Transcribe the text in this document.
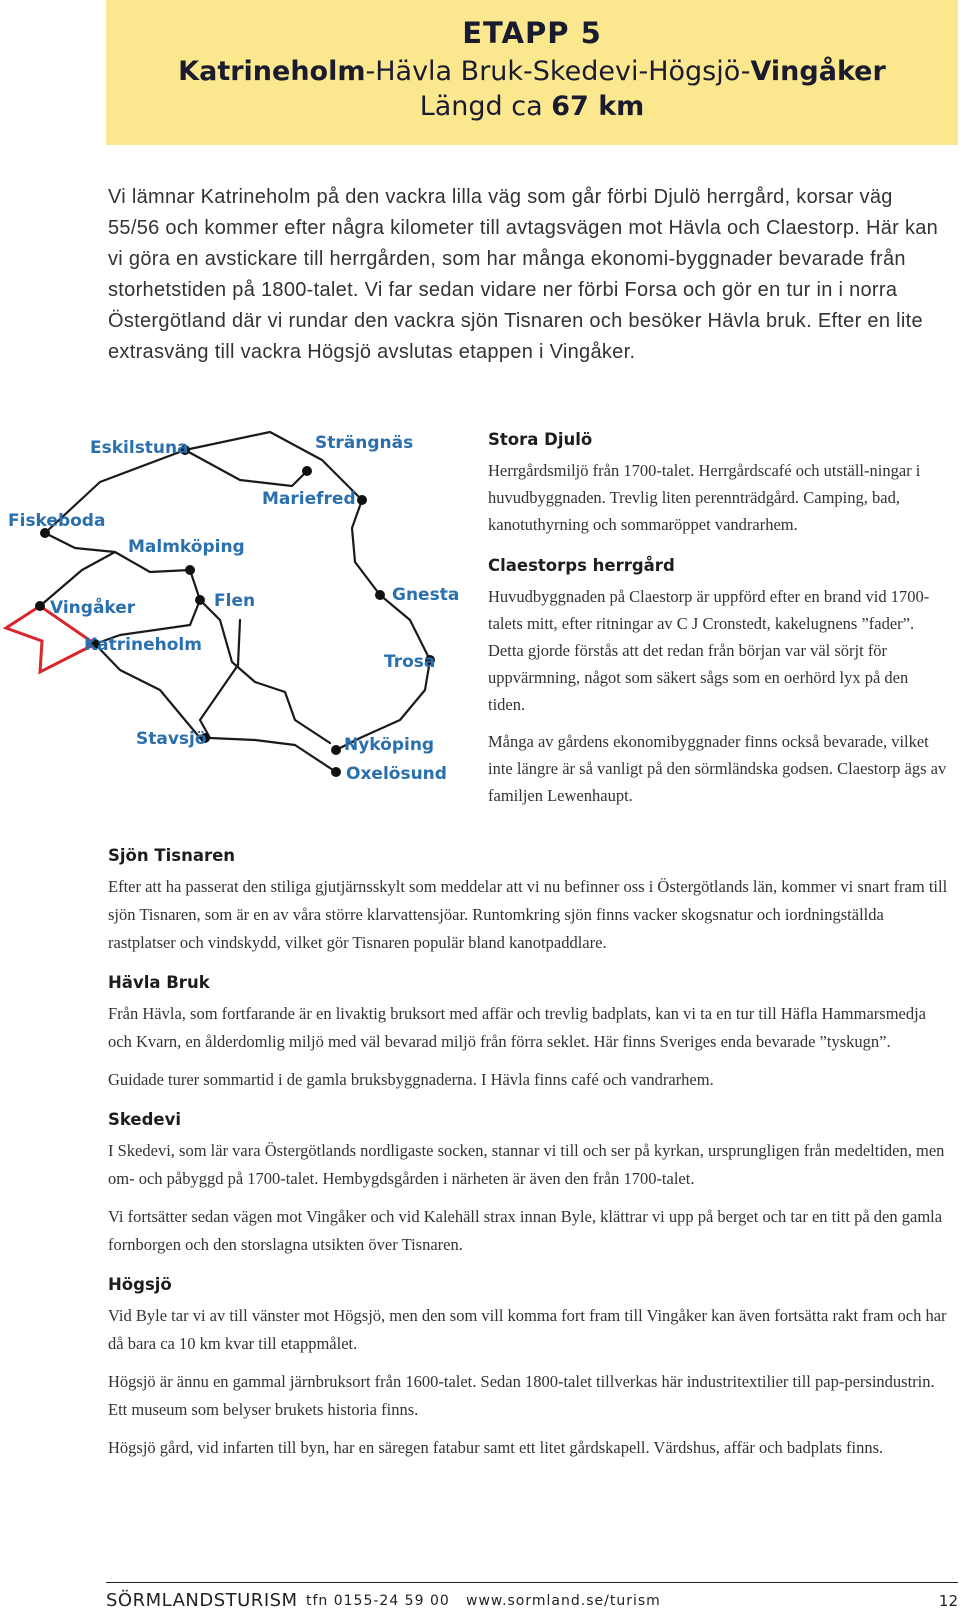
ETAPP 5
Katrineholm-Hävla Bruk-Skedevi-Högsjö-Vingåker
Längd ca 67 km

Vi lämnar Katrineholm på den vackra lilla väg som går förbi Djulö herrgård, korsar väg 55/56 och kommer efter några kilometer till avtagsvägen mot Hävla och Claestorp. Här kan vi göra en avstickare till herrgården, som har många ekonomi-byggnader bevarade från storhetstiden på 1800-talet. Vi far sedan vidare ner förbi Forsa och gör en tur in i norra Östergötland där vi rundar den vackra sjön Tisnaren och besöker Hävla bruk. Efter en lite extrasväng till vackra Högsjö avslutas etappen i Vingåker.

Eskilstuna	Strängnäs
Mariefred
Fiskeboda
Malmköping
Vingåker	Flen	Gnesta
Katrineholm
Trosa
Stavsjö	Nyköping
Oxelösund
Stora Djulö

Herrgårdsmiljö från 1700-talet. Herrgårdscafé och utställ-ningar i huvudbyggnaden. Trevlig liten perennträdgård. Camping, bad, kanotuthyrning och sommaröppet vandrarhem.

Claestorps herrgård

Huvudbyggnaden på Claestorp är uppförd efter en brand vid 1700-talets mitt, efter ritningar av C J Cronstedt, kakelugnens ”fader”. Detta gjorde förstås att det redan från början var väl sörjt för uppvärmning, något som säkert sågs som en oerhörd lyx på den tiden.

Många av gårdens ekonomibyggnader finns också bevarade, vilket inte längre är så vanligt på den sörmländska godsen. Claestorp ägs av familjen Lewenhaupt.

Sjön Tisnaren

Efter att ha passerat den stiliga gjutjärnsskylt som meddelar att vi nu befinner oss i Östergötlands län, kommer vi snart fram till sjön Tisnaren, som är en av våra större klarvattensjöar. Runtomkring sjön finns vacker skogsnatur och iordningställda rastplatser och vindskydd, vilket gör Tisnaren populär bland kanotpaddlare.

Hävla Bruk

Från Hävla, som fortfarande är en livaktig bruksort med affär och trevlig badplats, kan vi ta en tur till Häfla Hammarsmedja och Kvarn, en ålderdomlig miljö med väl bevarad miljö från förra seklet. Här finns Sveriges enda bevarade ”tyskugn”.

Guidade turer sommartid i de gamla bruksbyggnaderna. I Hävla finns café och vandrarhem.

Skedevi

I Skedevi, som lär vara Östergötlands nordligaste socken, stannar vi till och ser på kyrkan, ursprungligen från medeltiden, men om- och påbyggd på 1700-talet. Hembygdsgården i närheten är även den från 1700-talet.

Vi fortsätter sedan vägen mot Vingåker och vid Kalehäll strax innan Byle, klättrar vi upp på berget och tar en titt på den gamla fornborgen och den storslagna utsikten över Tisnaren.

Högsjö

Vid Byle tar vi av till vänster mot Högsjö, men den som vill komma fort fram till Vingåker kan även fortsätta rakt fram och har då bara ca 10 km kvar till etappmålet.

Högsjö är ännu en gammal järnbruksort från 1600-talet. Sedan 1800-talet tillverkas här industritextilier till pap-persindustrin. Ett museum som belyser brukets historia finns.

Högsjö gård, vid infarten till byn, har en säregen fatabur samt ett litet gårdskapell. Värdshus, affär och badplats finns.

SÖRMLANDSTURISM tfn 0155-24 59 00 www.sormland.se/turism	12
